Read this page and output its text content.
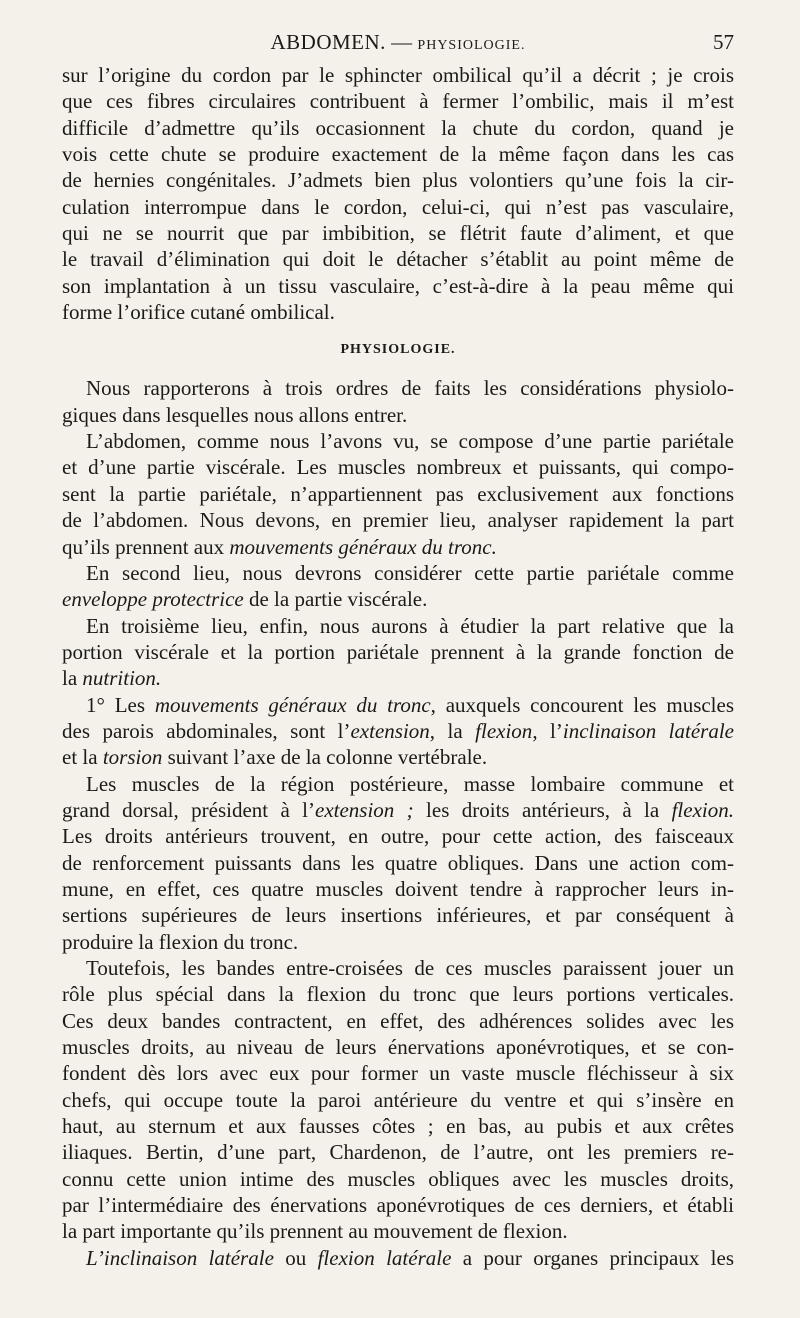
ABDOMEN. — PHYSIOLOGIE.	57
sur l’origine du cordon par le sphincter ombilical qu’il a décrit ; je crois
que ces fibres circulaires contribuent à fermer l’ombilic, mais il m’est
difficile d’admettre qu’ils occasionnent la chute du cordon, quand je
vois cette chute se produire exactement de la même façon dans les cas
de hernies congénitales. J’admets bien plus volontiers qu’une fois la cir-
culation interrompue dans le cordon, celui-ci, qui n’est pas vasculaire,
qui ne se nourrit que par imbibition, se flétrit faute d’aliment, et que
le travail d’élimination qui doit le détacher s’établit au point même de
son implantation à un tissu vasculaire, c’est-à-dire à la peau même qui
forme l’orifice cutané ombilical.
PHYSIOLOGIE.
Nous rapporterons à trois ordres de faits les considérations physiolo-
giques dans lesquelles nous allons entrer.
L’abdomen, comme nous l’avons vu, se compose d’une partie pariétale
et d’une partie viscérale. Les muscles nombreux et puissants, qui compo-
sent la partie pariétale, n’appartiennent pas exclusivement aux fonctions
de l’abdomen. Nous devons, en premier lieu, analyser rapidement la part
qu’ils prennent aux mouvements généraux du tronc.
En second lieu, nous devrons considérer cette partie pariétale comme
enveloppe protectrice de la partie viscérale.
En troisième lieu, enfin, nous aurons à étudier la part relative que la
portion viscérale et la portion pariétale prennent à la grande fonction de
la nutrition.
1° Les mouvements généraux du tronc, auxquels concourent les muscles
des parois abdominales, sont l’extension, la flexion, l’inclinaison latérale
et la torsion suivant l’axe de la colonne vertébrale.
Les muscles de la région postérieure, masse lombaire commune et
grand dorsal, président à l’extension ; les droits antérieurs, à la flexion.
Les droits antérieurs trouvent, en outre, pour cette action, des faisceaux
de renforcement puissants dans les quatre obliques. Dans une action com-
mune, en effet, ces quatre muscles doivent tendre à rapprocher leurs in-
sertions supérieures de leurs insertions inférieures, et par conséquent à
produire la flexion du tronc.
Toutefois, les bandes entre-croisées de ces muscles paraissent jouer un
rôle plus spécial dans la flexion du tronc que leurs portions verticales.
Ces deux bandes contractent, en effet, des adhérences solides avec les
muscles droits, au niveau de leurs énervations aponévrotiques, et se con-
fondent dès lors avec eux pour former un vaste muscle fléchisseur à six
chefs, qui occupe toute la paroi antérieure du ventre et qui s’insère en
haut, au sternum et aux fausses côtes ; en bas, au pubis et aux crêtes
iliaques. Bertin, d’une part, Chardenon, de l’autre, ont les premiers re-
connu cette union intime des muscles obliques avec les muscles droits,
par l’intermédiaire des énervations aponévrotiques de ces derniers, et établi
la part importante qu’ils prennent au mouvement de flexion.
L’inclinaison latérale ou flexion latérale a pour organes principaux les
